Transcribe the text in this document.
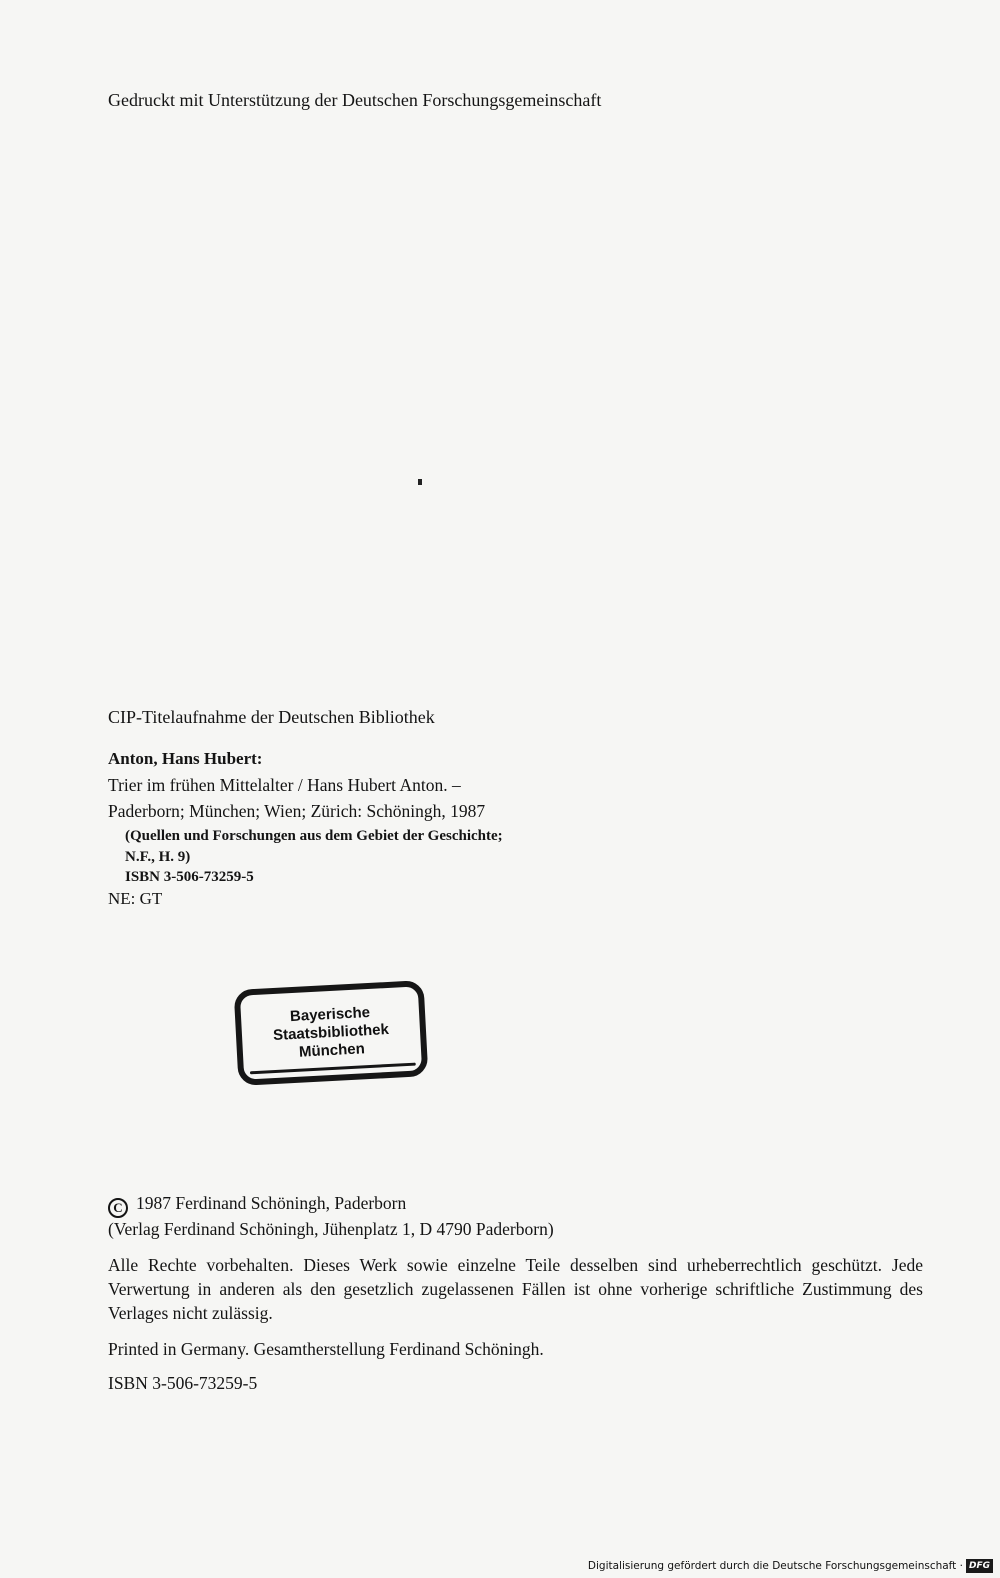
Gedruckt mit Unterstützung der Deutschen Forschungsgemeinschaft
CIP-Titelaufnahme der Deutschen Bibliothek
Anton, Hans Hubert:
Trier im frühen Mittelalter / Hans Hubert Anton. –
Paderborn; München; Wien; Zürich: Schöningh, 1987
(Quellen und Forschungen aus dem Gebiet der Geschichte;
N.F., H. 9)
ISBN 3-506-73259-5
NE: GT
Bayerische
Staatsbibliothek
München
C 1987 Ferdinand Schöningh, Paderborn
(Verlag Ferdinand Schöningh, Jühenplatz 1, D 4790 Paderborn)
Alle Rechte vorbehalten. Dieses Werk sowie einzelne Teile desselben sind urheberrechtlich geschützt. Jede Verwertung in anderen als den gesetzlich zugelassenen Fällen ist ohne vorherige schriftliche Zustimmung des Verlages nicht zulässig.
Printed in Germany. Gesamtherstellung Ferdinand Schöningh.
ISBN 3-506-73259-5
Digitalisierung gefördert durch die Deutsche Forschungsgemeinschaft · DFG
